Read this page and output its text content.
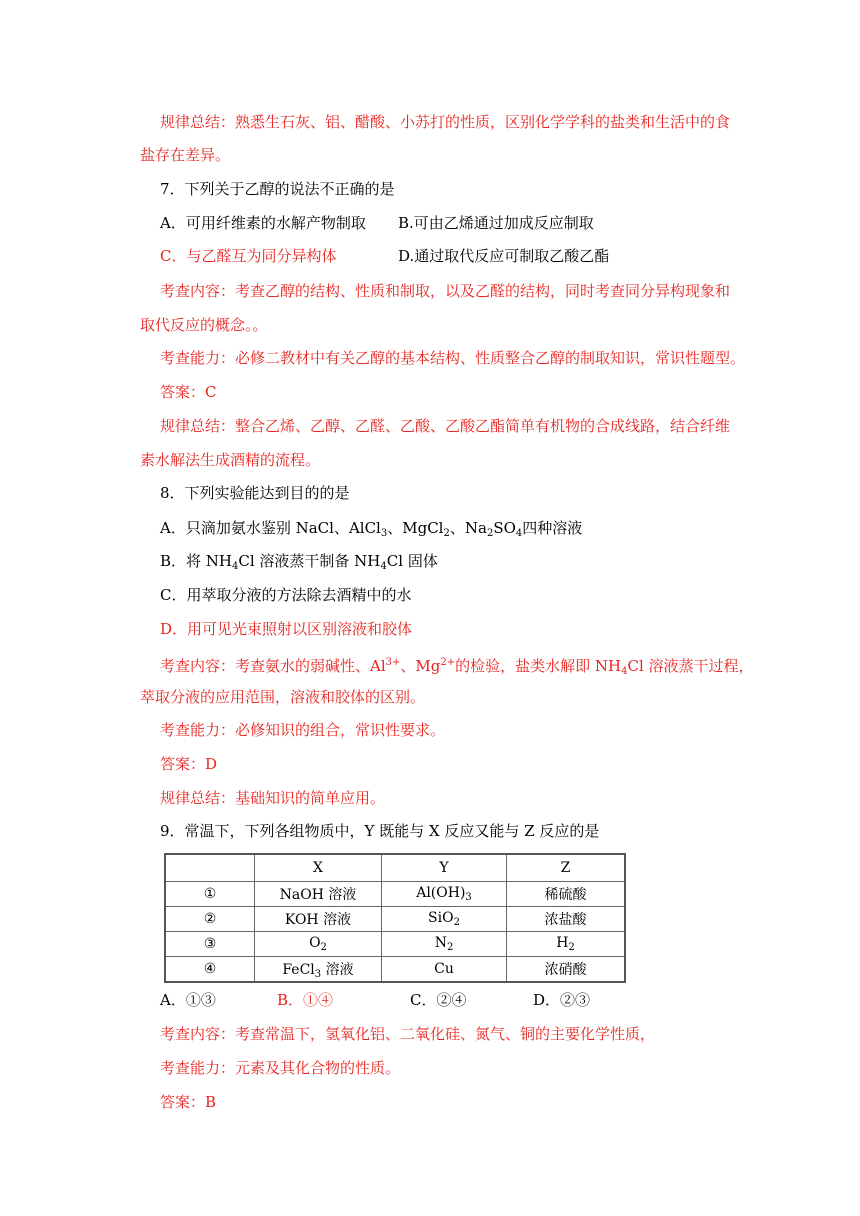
规律总结：熟悉生石灰、铝、醋酸、小苏打的性质，区别化学学科的盐类和生活中的食
盐存在差异。
7．下列关于乙醇的说法不正确的是
A．可用纤维素的水解产物制取 B.可由乙烯通过加成反应制取
C．与乙醛互为同分异构体	D.通过取代反应可制取乙酸乙酯
考查内容：考查乙醇的结构、性质和制取，以及乙醛的结构，同时考查同分异构现象和
取代反应的概念。。
考查能力：必修二教材中有关乙醇的基本结构、性质整合乙醇的制取知识，常识性题型。
答案：C
规律总结：整合乙烯、乙醇、乙醛、乙酸、乙酸乙酯简单有机物的合成线路，结合纤维
素水解法生成酒精的流程。
8．下列实验能达到目的的是
A．只滴加氨水鉴别 NaCl、AlCl$_3$、MgCl$_2$、$Na_2SO_4$四种溶液
B．将 $NH_4Cl$ 溶液蒸干制备 $NH_4Cl$ 固体
C．用萃取分液的方法除去酒精中的水
D．用可见光束照射以区别溶液和胶体
考查内容：考查氨水的弱碱性、$Al^{3+}$、$Mg^{2+}$的检验，盐类水解即 $NH_4Cl$ 溶液蒸干过程，
萃取分液的应用范围，溶液和胶体的区别。
考查能力：必修知识的组合，常识性要求。
答案：D
规律总结：基础知识的简单应用。
9．常温下，下列各组物质中，Y 既能与 X 反应又能与 Z 反应的是
	X	Y	Z
①	NaOH 溶液	$Al(OH)_3$	稀硫酸
②	KOH 溶液	SiO$_2$	浓盐酸
③	$O_2$	$N_2$	$H_2$
④	FeCl$_3$ 溶液	Cu	浓硝酸
A．①③	B．①④	C．②④	D．②③
考查内容：考查常温下，氢氧化铝、二氧化硅、氮气、铜的主要化学性质，
考查能力：元素及其化合物的性质。
答案：B
